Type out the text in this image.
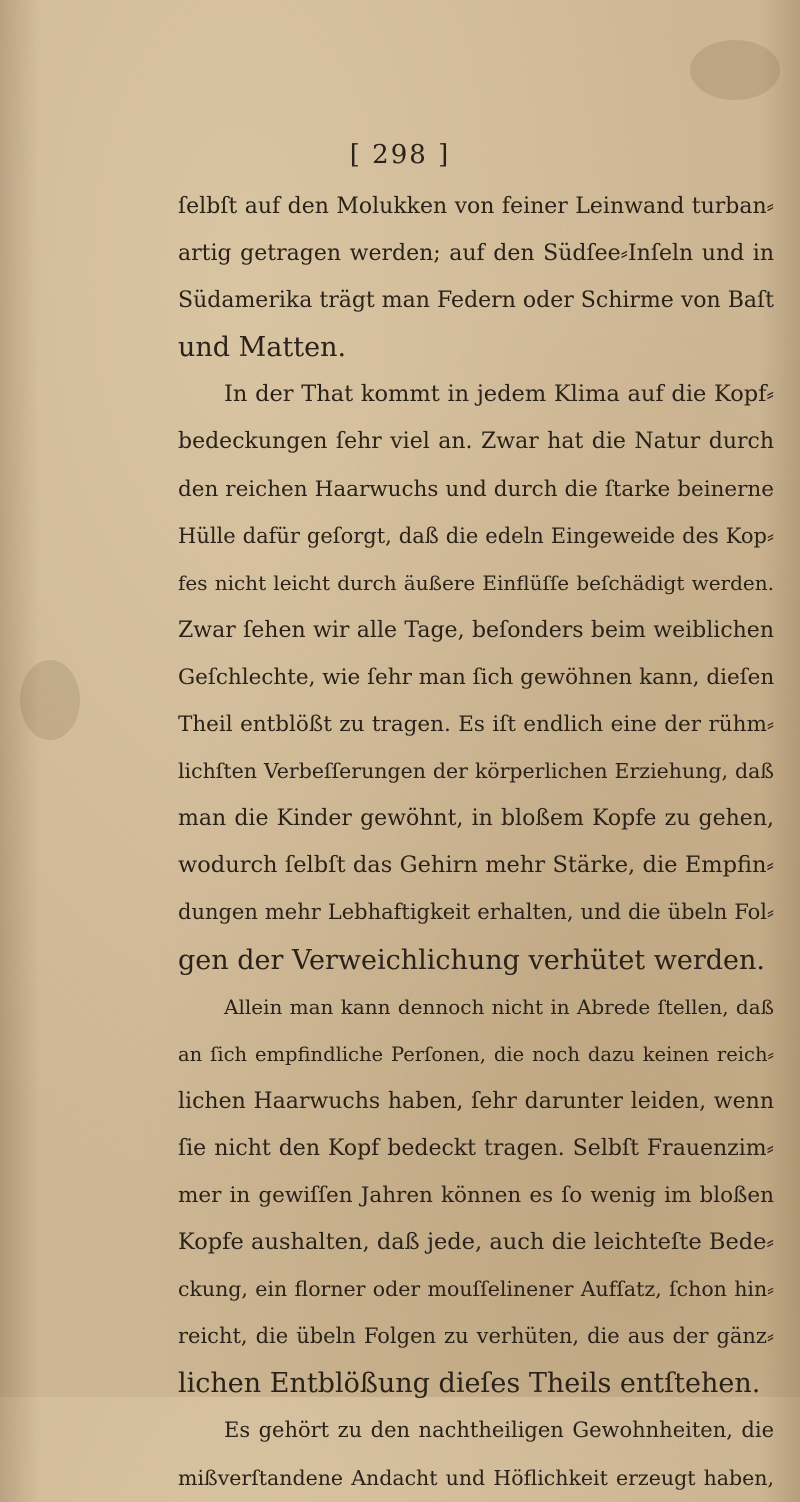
[ 298 ]
ſelbſt auf den Molukken von feiner Leinwand turban⸗
artig getragen werden; auf den Südſee⸗Inſeln und in
Südamerika trägt man Federn oder Schirme von Baſt
und Matten.
In der That kommt in jedem Klima auf die Kopf⸗
bedeckungen ſehr viel an. Zwar hat die Natur durch
den reichen Haarwuchs und durch die ſtarke beinerne
Hülle dafür geſorgt, daß die edeln Eingeweide des Kop⸗
fes nicht leicht durch äußere Einflüſſe beſchädigt werden.
Zwar ſehen wir alle Tage, beſonders beim weiblichen
Geſchlechte, wie ſehr man ſich gewöhnen kann, dieſen
Theil entblößt zu tragen. Es iſt endlich eine der rühm⸗
lichſten Verbeſſerungen der körperlichen Erziehung, daß
man die Kinder gewöhnt, in bloßem Kopfe zu gehen,
wodurch ſelbſt das Gehirn mehr Stärke, die Empfin⸗
dungen mehr Lebhaftigkeit erhalten, und die übeln Fol⸗
gen der Verweichlichung verhütet werden.
Allein man kann dennoch nicht in Abrede ſtellen, daß
an ſich empfindliche Perſonen, die noch dazu keinen reich⸗
lichen Haarwuchs haben, ſehr darunter leiden, wenn
ſie nicht den Kopf bedeckt tragen. Selbſt Frauenzim⸗
mer in gewiſſen Jahren können es ſo wenig im bloßen
Kopfe aushalten, daß jede, auch die leichteſte Bede⸗
ckung, ein florner oder mouſſelinener Aufſatz, ſchon hin⸗
reicht, die übeln Folgen zu verhüten, die aus der gänz⸗
lichen Entblößung dieſes Theils entſtehen.
Es gehört zu den nachtheiligen Gewohnheiten, die
mißverſtandene Andacht und Höflichkeit erzeugt haben,
